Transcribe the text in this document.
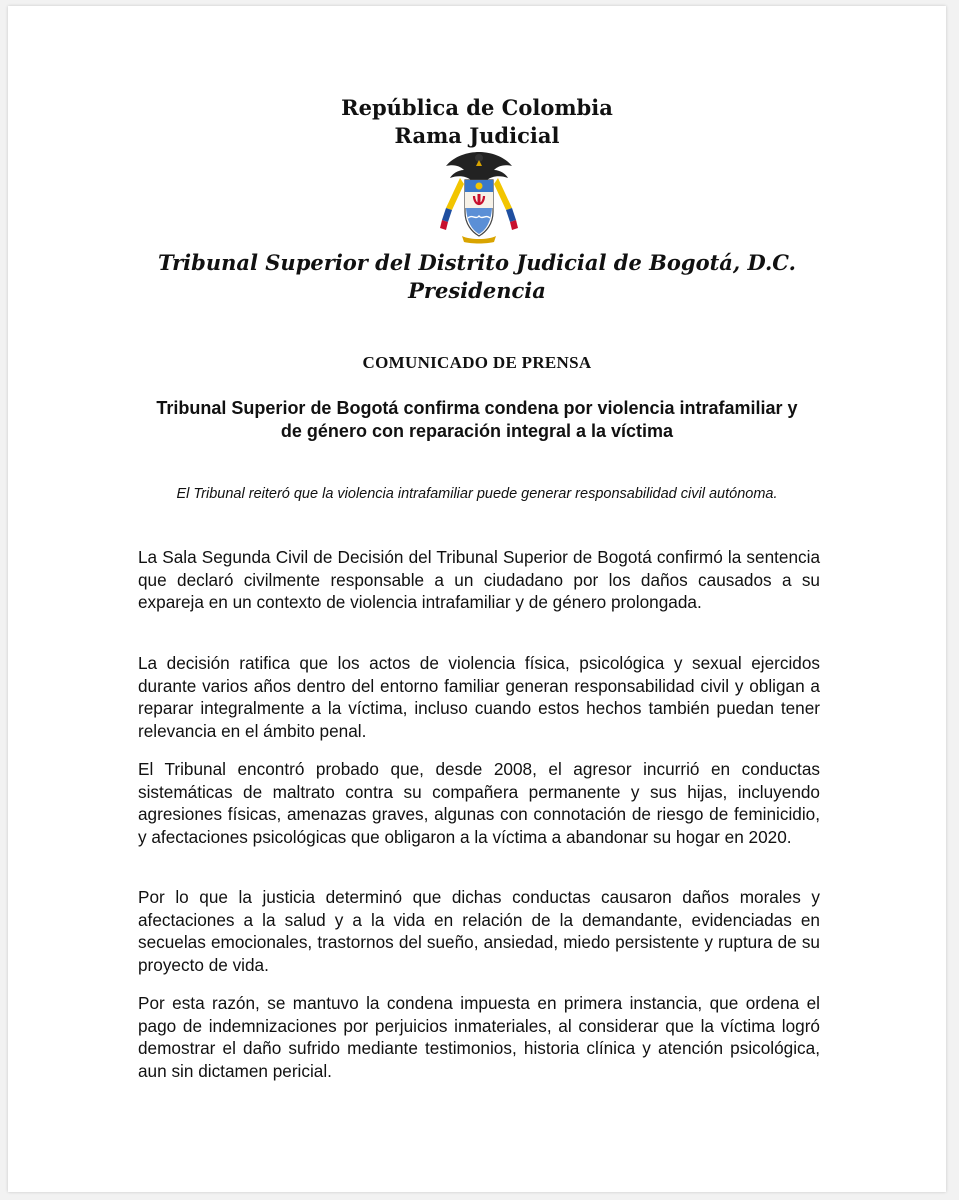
República de Colombia
Rama Judicial
Tribunal Superior del Distrito Judicial de Bogotá, D.C.
Presidencia
COMUNICADO DE PRENSA
Tribunal Superior de Bogotá confirma condena por violencia intrafamiliar y
de género con reparación integral a la víctima
El Tribunal reiteró que la violencia intrafamiliar puede generar responsabilidad civil autónoma.

La Sala Segunda Civil de Decisión del Tribunal Superior de Bogotá confirmó la sentencia que declaró civilmente responsable a un ciudadano por los daños causados a su expareja en un contexto de violencia intrafamiliar y de género prolongada.

La decisión ratifica que los actos de violencia física, psicológica y sexual ejercidos durante varios años dentro del entorno familiar generan responsabilidad civil y obligan a reparar integralmente a la víctima, incluso cuando estos hechos también puedan tener relevancia en el ámbito penal.

El Tribunal encontró probado que, desde 2008, el agresor incurrió en conductas sistemáticas de maltrato contra su compañera permanente y sus hijas, incluyendo agresiones físicas, amenazas graves, algunas con connotación de riesgo de feminicidio, y afectaciones psicológicas que obligaron a la víctima a abandonar su hogar en 2020.

Por lo que la justicia determinó que dichas conductas causaron daños morales y afectaciones a la salud y a la vida en relación de la demandante, evidenciadas en secuelas emocionales, trastornos del sueño, ansiedad, miedo persistente y ruptura de su proyecto de vida.

Por esta razón, se mantuvo la condena impuesta en primera instancia, que ordena el pago de indemnizaciones por perjuicios inmateriales, al considerar que la víctima logró demostrar el daño sufrido mediante testimonios, historia clínica y atención psicológica, aun sin dictamen pericial.
